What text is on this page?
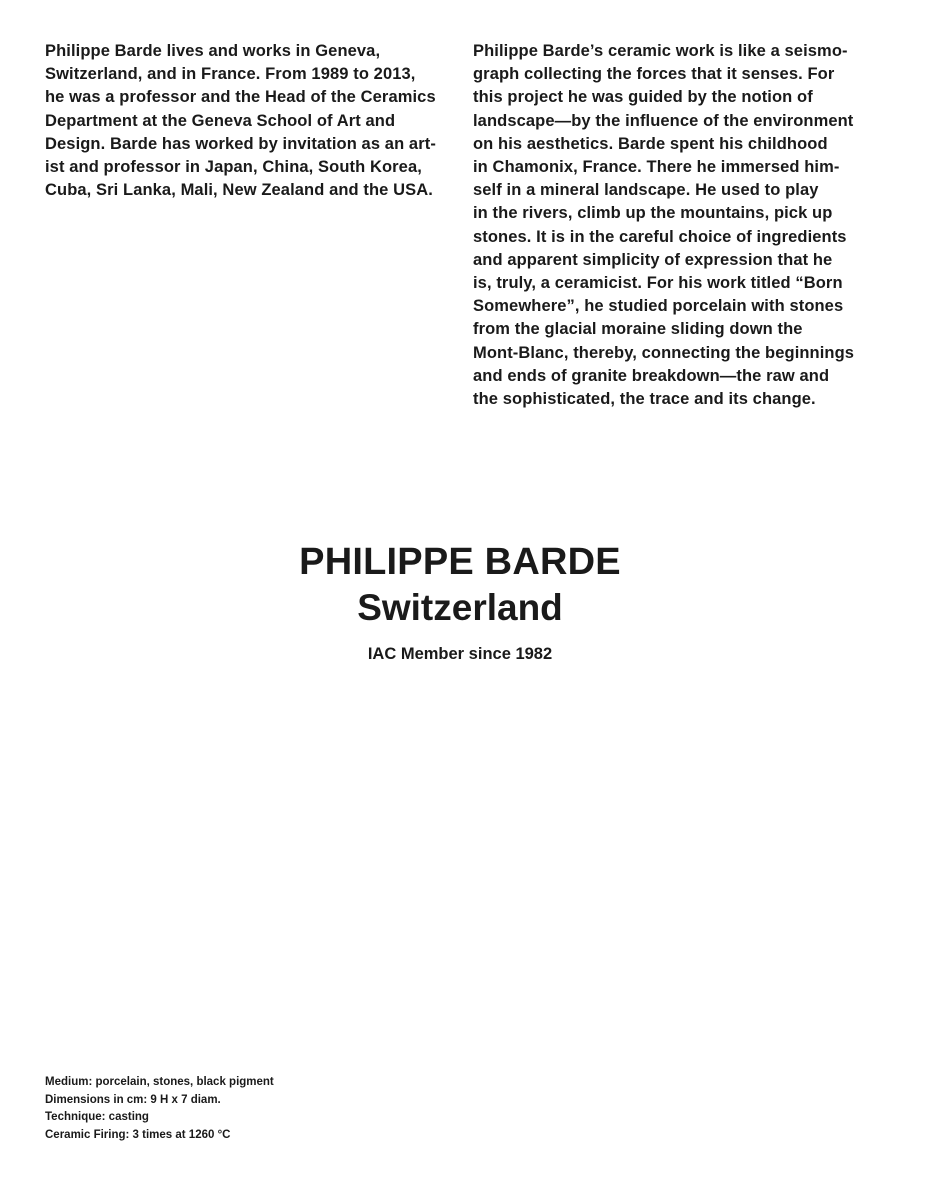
Philippe Barde lives and works in Geneva,
Switzerland, and in France. From 1989 to 2013,
he was a professor and the Head of the Ceramics
Department at the Geneva School of Art and
Design. Barde has worked by invitation as an art-
ist and professor in Japan, China, South Korea,
Cuba, Sri Lanka, Mali, New Zealand and the USA.
Philippe Barde’s ceramic work is like a seismo-
graph collecting the forces that it senses. For
this project he was guided by the notion of
landscape—by the influence of the environment
on his aesthetics. Barde spent his childhood
in Chamonix, France. There he immersed him-
self in a mineral landscape. He used to play
in the rivers, climb up the mountains, pick up
stones. It is in the careful choice of ingredients
and apparent simplicity of expression that he
is, truly, a ceramicist. For his work titled “Born
Somewhere”, he studied porcelain with stones
from the glacial moraine sliding down the
Mont-Blanc, thereby, connecting the beginnings
and ends of granite breakdown—the raw and
the sophisticated, the trace and its change.
PHILIPPE BARDE
Switzerland
IAC Member since 1982
Medium: porcelain, stones, black pigment
Dimensions in cm: 9 H x 7 diam.
Technique: casting
Ceramic Firing: 3 times at 1260 °C
